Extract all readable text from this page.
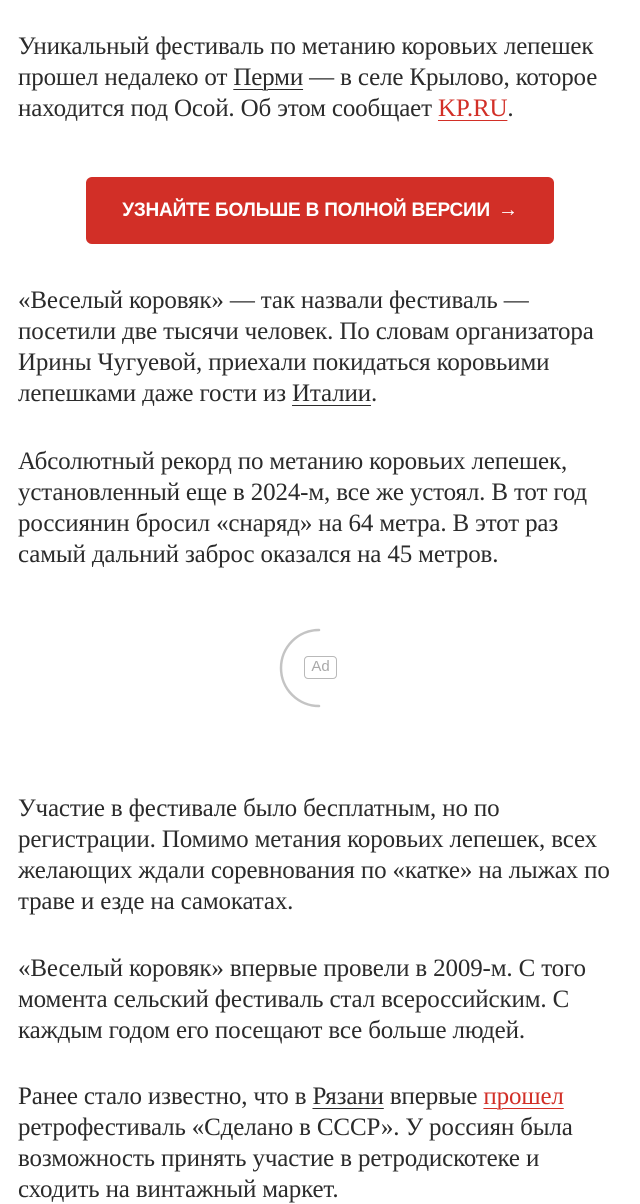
Уникальный фестиваль по метанию коровьих лепешек прошел недалеко от Перми — в селе Крылово, которое находится под Осой. Об этом сообщает KP.RU.

УЗНАЙТЕ БОЛЬШЕ В ПОЛНОЙ ВЕРСИИ →

«Веселый коровяк» — так назвали фестиваль — посетили две тысячи человек. По словам организатора Ирины Чугуевой, приехали покидаться коровьими лепешками даже гости из Италии.

Абсолютный рекорд по метанию коровьих лепешек, установленный еще в 2024-м, все же устоял. В тот год россиянин бросил «снаряд» на 64 метра. В этот раз самый дальний заброс оказался на 45 метров.

Ad

Участие в фестивале было бесплатным, но по регистрации. Помимо метания коровьих лепешек, всех желающих ждали соревнования по «катке» на лыжах по траве и езде на самокатах.

«Веселый коровяк» впервые провели в 2009-м. С того момента сельский фестиваль стал всероссийским. С каждым годом его посещают все больше людей.

Ранее стало известно, что в Рязани впервые прошел ретрофестиваль «Сделано в СССР». У россиян была возможность принять участие в ретродискотеке и сходить на винтажный маркет.
